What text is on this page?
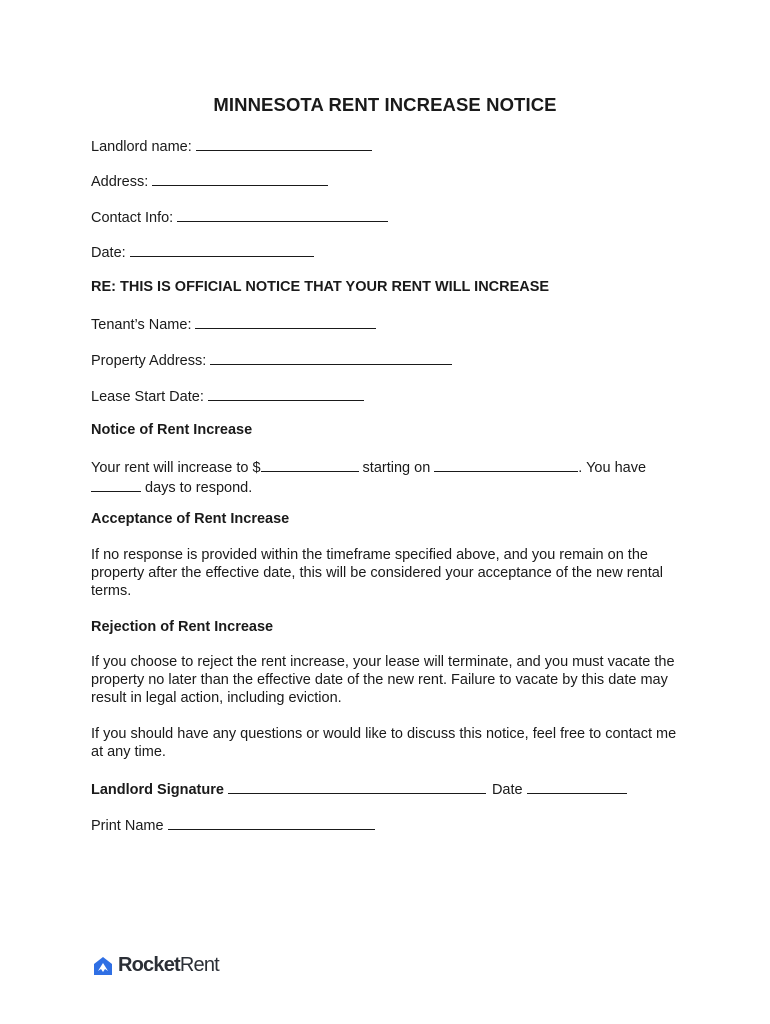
MINNESOTA RENT INCREASE NOTICE
Landlord name:
Address:
Contact Info:
Date:
RE: THIS IS OFFICIAL NOTICE THAT YOUR RENT WILL INCREASE
Tenant’s Name:
Property Address:
Lease Start Date:
Notice of Rent Increase
Your rent will increase to $	starting on	. You have
days to respond.
Acceptance of Rent Increase
If no response is provided within the timeframe specified above, and you remain on the property after the effective date, this will be considered your acceptance of the new rental terms.
Rejection of Rent Increase
If you choose to reject the rent increase, your lease will terminate, and you must vacate the property no later than the effective date of the new rent. Failure to vacate by this date may result in legal action, including eviction.
If you should have any questions or would like to discuss this notice, feel free to contact me at any time.
Landlord Signature	Date
Print Name
RocketRent
